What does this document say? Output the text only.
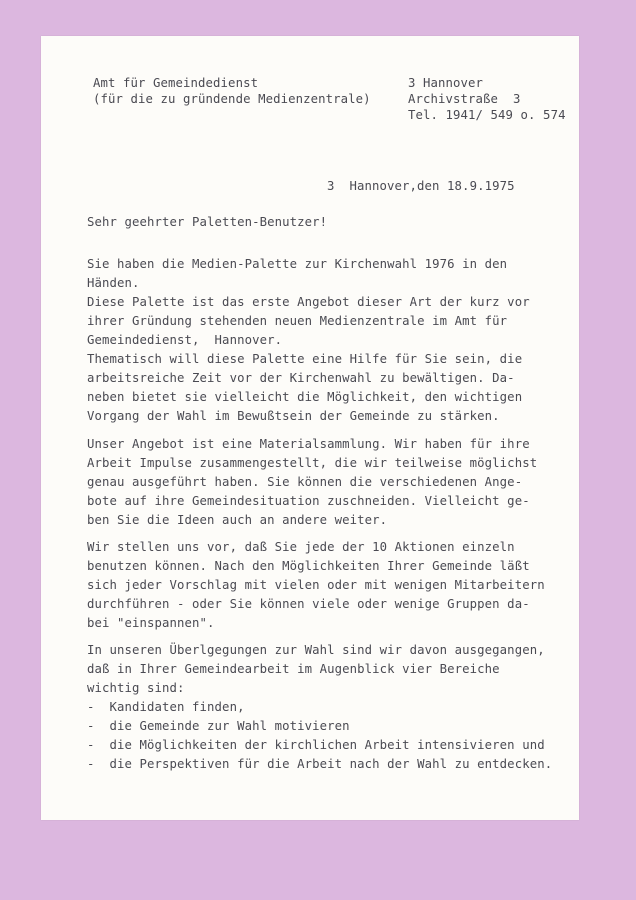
Amt für Gemeindedienst
(für die zu gründende Medienzentrale)
3 Hannover
Archivstraße  3
Tel. 1941/ 549 o. 574
3  Hannover,den 18.9.1975
Sehr geehrter Paletten-Benutzer!
Sie haben die Medien-Palette zur Kirchenwahl 1976 in den
Händen.
Diese Palette ist das erste Angebot dieser Art der kurz vor
ihrer Gründung stehenden neuen Medienzentrale im Amt für
Gemeindedienst,  Hannover.
Thematisch will diese Palette eine Hilfe für Sie sein, die
arbeitsreiche Zeit vor der Kirchenwahl zu bewältigen. Da-
neben bietet sie vielleicht die Möglichkeit, den wichtigen
Vorgang der Wahl im Bewußtsein der Gemeinde zu stärken.
Unser Angebot ist eine Materialsammlung. Wir haben für ihre
Arbeit Impulse zusammengestellt, die wir teilweise möglichst
genau ausgeführt haben. Sie können die verschiedenen Ange-
bote auf ihre Gemeindesituation zuschneiden. Vielleicht ge-
ben Sie die Ideen auch an andere weiter.
Wir stellen uns vor, daß Sie jede der 10 Aktionen einzeln
benutzen können. Nach den Möglichkeiten Ihrer Gemeinde läßt
sich jeder Vorschlag mit vielen oder mit wenigen Mitarbeitern
durchführen - oder Sie können viele oder wenige Gruppen da-
bei "einspannen".
In unseren Überlgegungen zur Wahl sind wir davon ausgegangen,
daß in Ihrer Gemeindearbeit im Augenblick vier Bereiche
wichtig sind:
-  Kandidaten finden,
-  die Gemeinde zur Wahl motivieren
-  die Möglichkeiten der kirchlichen Arbeit intensivieren und
-  die Perspektiven für die Arbeit nach der Wahl zu entdecken.
